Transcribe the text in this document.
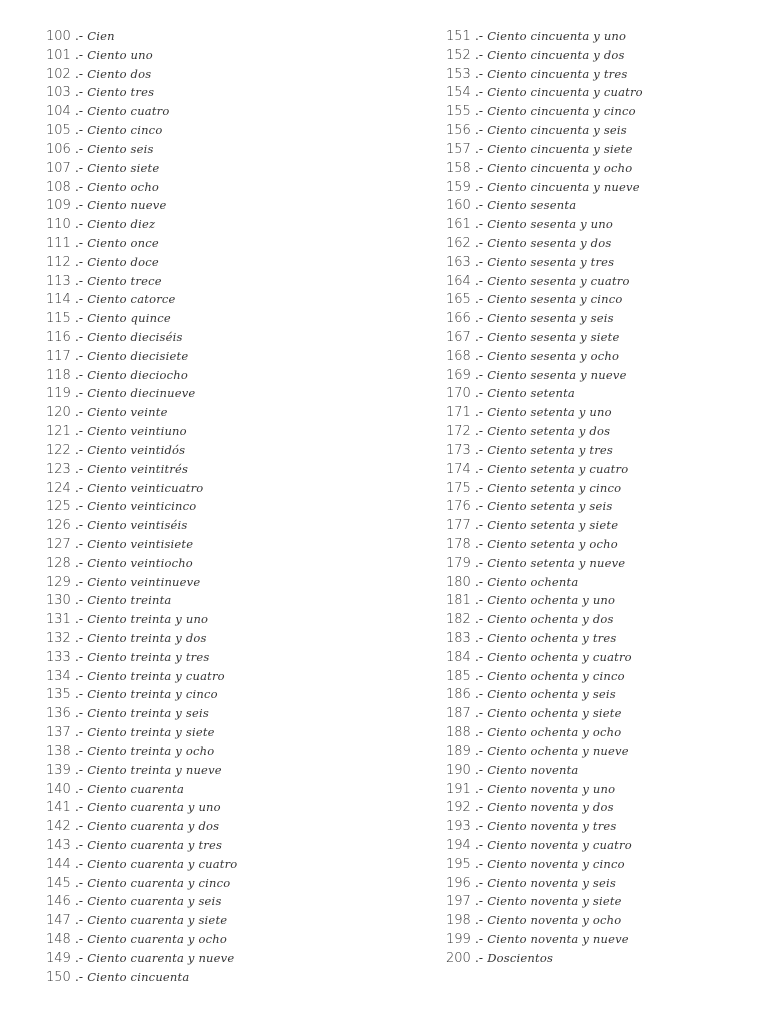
100 .- Cien
101 .- Ciento uno
102 .- Ciento dos
103 .- Ciento tres
104 .- Ciento cuatro
105 .- Ciento cinco
106 .- Ciento seis
107 .- Ciento siete
108 .- Ciento ocho
109 .- Ciento nueve
110 .- Ciento diez
111 .- Ciento once
112 .- Ciento doce
113 .- Ciento trece
114 .- Ciento catorce
115 .- Ciento quince
116 .- Ciento dieciséis
117 .- Ciento diecisiete
118 .- Ciento dieciocho
119 .- Ciento diecinueve
120 .- Ciento veinte
121 .- Ciento veintiuno
122 .- Ciento veintidós
123 .- Ciento veintitrés
124 .- Ciento veinticuatro
125 .- Ciento veinticinco
126 .- Ciento veintiséis
127 .- Ciento veintisiete
128 .- Ciento veintiocho
129 .- Ciento veintinueve
130 .- Ciento treinta
131 .- Ciento treinta y uno
132 .- Ciento treinta y dos
133 .- Ciento treinta y tres
134 .- Ciento treinta y cuatro
135 .- Ciento treinta y cinco
136 .- Ciento treinta y seis
137 .- Ciento treinta y siete
138 .- Ciento treinta y ocho
139 .- Ciento treinta y nueve
140 .- Ciento cuarenta
141 .- Ciento cuarenta y uno
142 .- Ciento cuarenta y dos
143 .- Ciento cuarenta y tres
144 .- Ciento cuarenta y cuatro
145 .- Ciento cuarenta y cinco
146 .- Ciento cuarenta y seis
147 .- Ciento cuarenta y siete
148 .- Ciento cuarenta y ocho
149 .- Ciento cuarenta y nueve
150 .- Ciento cincuenta
151 .- Ciento cincuenta y uno
152 .- Ciento cincuenta y dos
153 .- Ciento cincuenta y tres
154 .- Ciento cincuenta y cuatro
155 .- Ciento cincuenta y cinco
156 .- Ciento cincuenta y seis
157 .- Ciento cincuenta y siete
158 .- Ciento cincuenta y ocho
159 .- Ciento cincuenta y nueve
160 .- Ciento sesenta
161 .- Ciento sesenta y uno
162 .- Ciento sesenta y dos
163 .- Ciento sesenta y tres
164 .- Ciento sesenta y cuatro
165 .- Ciento sesenta y cinco
166 .- Ciento sesenta y seis
167 .- Ciento sesenta y siete
168 .- Ciento sesenta y ocho
169 .- Ciento sesenta y nueve
170 .- Ciento setenta
171 .- Ciento setenta y uno
172 .- Ciento setenta y dos
173 .- Ciento setenta y tres
174 .- Ciento setenta y cuatro
175 .- Ciento setenta y cinco
176 .- Ciento setenta y seis
177 .- Ciento setenta y siete
178 .- Ciento setenta y ocho
179 .- Ciento setenta y nueve
180 .- Ciento ochenta
181 .- Ciento ochenta y uno
182 .- Ciento ochenta y dos
183 .- Ciento ochenta y tres
184 .- Ciento ochenta y cuatro
185 .- Ciento ochenta y cinco
186 .- Ciento ochenta y seis
187 .- Ciento ochenta y siete
188 .- Ciento ochenta y ocho
189 .- Ciento ochenta y nueve
190 .- Ciento noventa
191 .- Ciento noventa y uno
192 .- Ciento noventa y dos
193 .- Ciento noventa y tres
194 .- Ciento noventa y cuatro
195 .- Ciento noventa y cinco
196 .- Ciento noventa y seis
197 .- Ciento noventa y siete
198 .- Ciento noventa y ocho
199 .- Ciento noventa y nueve
200 .- Doscientos
